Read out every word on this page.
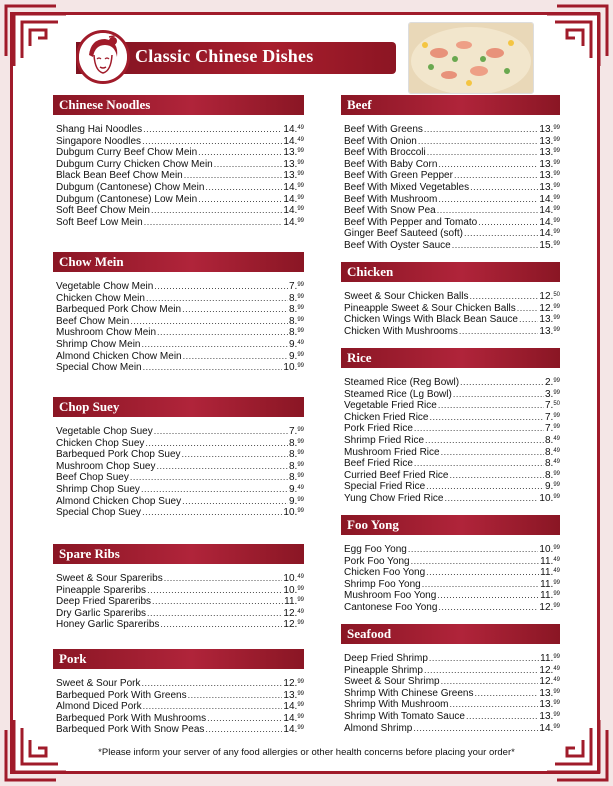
Classic Chinese Dishes
Chinese Noodles
Shang Hai Noodles .....	14.49
Singapore Noodles .....	14.49
Dubgum Curry Beef Chow Mein .....	13.99
Dubgum Curry Chicken Chow Mein .....	13.99
Black Bean Beef Chow Mein .....	13.99
Dubgum (Cantonese) Chow Mein .....	14.99
Dubgum (Cantonese) Low Mein .....	14.99
Soft Beef Chow Mein .....	14.99
Soft Beef Low Mein .....	14.99
Chow Mein
Vegetable Chow Mein .....	7.99
Chicken Chow Mein .....	8.99
Barbequed Pork Chow Mein .....	8.99
Beef Chow Mein .....	8.99
Mushroom Chow Mein .....	8.99
Shrimp Chow Mein .....	9.49
Almond Chicken Chow Mein .....	9.99
Special Chow Mein .....	10.99
Chop Suey
Vegetable Chop Suey .....	7.99
Chicken Chop Suey .....	8.99
Barbequed Pork Chop Suey .....	8.99
Mushroom Chop Suey .....	8.99
Beef Chop Suey .....	8.99
Shrimp Chop Suey .....	9.49
Almond Chicken Chop Suey .....	9.99
Special Chop Suey .....	10.99
Spare Ribs
Sweet & Sour Spareribs .....	10.49
Pineapple Spareribs .....	10.99
Deep Fried Spareribs .....	11.99
Dry Garlic Spareribs .....	12.49
Honey Garlic Spareribs .....	12.99
Pork
Sweet & Sour Pork .....	12.99
Barbequed Pork With Greens .....	13.99
Almond Diced Pork .....	14.99
Barbequed Pork With Mushrooms .....	14.99
Barbequed Pork With Snow Peas .....	14.99
Beef
Beef With Greens .....	13.99
Beef With Onion .....	13.99
Beef With Broccoli .....	13.99
Beef With Baby Corn .....	13.99
Beef With Green Pepper .....	13.99
Beef With Mixed Vegetables .....	13.99
Beef With Mushroom .....	14.99
Beef With Snow Pea .....	14.99
Beef With Pepper and Tomato .....	14.99
Ginger Beef Sauteed (soft) .....	14.99
Beef With Oyster Sauce .....	15.99
Chicken
Sweet & Sour Chicken Balls .....	12.50
Pineapple Sweet & Sour Chicken Balls ..... 12.99
Chicken Wings With Black Bean Sauce ..... 13.99
Chicken With Mushrooms .....	13.99
Rice
Steamed Rice (Reg Bowl) .....	2.99
Steamed Rice (Lg Bowl) .....	3.99
Vegetable Fried Rice .....	7.50
Chicken Fried Rice .....	7.99
Pork Fried Rice .....	7.99
Shrimp Fried Rice .....	8.49
Mushroom Fried Rice .....	8.49
Beef Fried Rice .....	8.49
Curried Beef Fried Rice .....	8.99
Special Fried Rice .....	9.99
Yung Chow Fried Rice .....	10.99
Foo Yong
Egg Foo Yong .....	10.99
Pork Foo Yong .....	11.49
Chicken Foo Yong .....	11.49
Shrimp Foo Yong .....	11.99
Mushroom Foo Yong .....	11.99
Cantonese Foo Yong .....	12.99
Seafood
Deep Fried Shrimp .....	11.99
Pineapple Shrimp .....	12.49
Sweet & Sour Shrimp .....	12.49
Shrimp With Chinese Greens .....	13.99
Shrimp With Mushroom .....	13.99
Shrimp With Tomato Sauce .....	13.99
Almond Shrimp .....	14.99
*Please inform your server of any food allergies or other health concerns before placing your order*
